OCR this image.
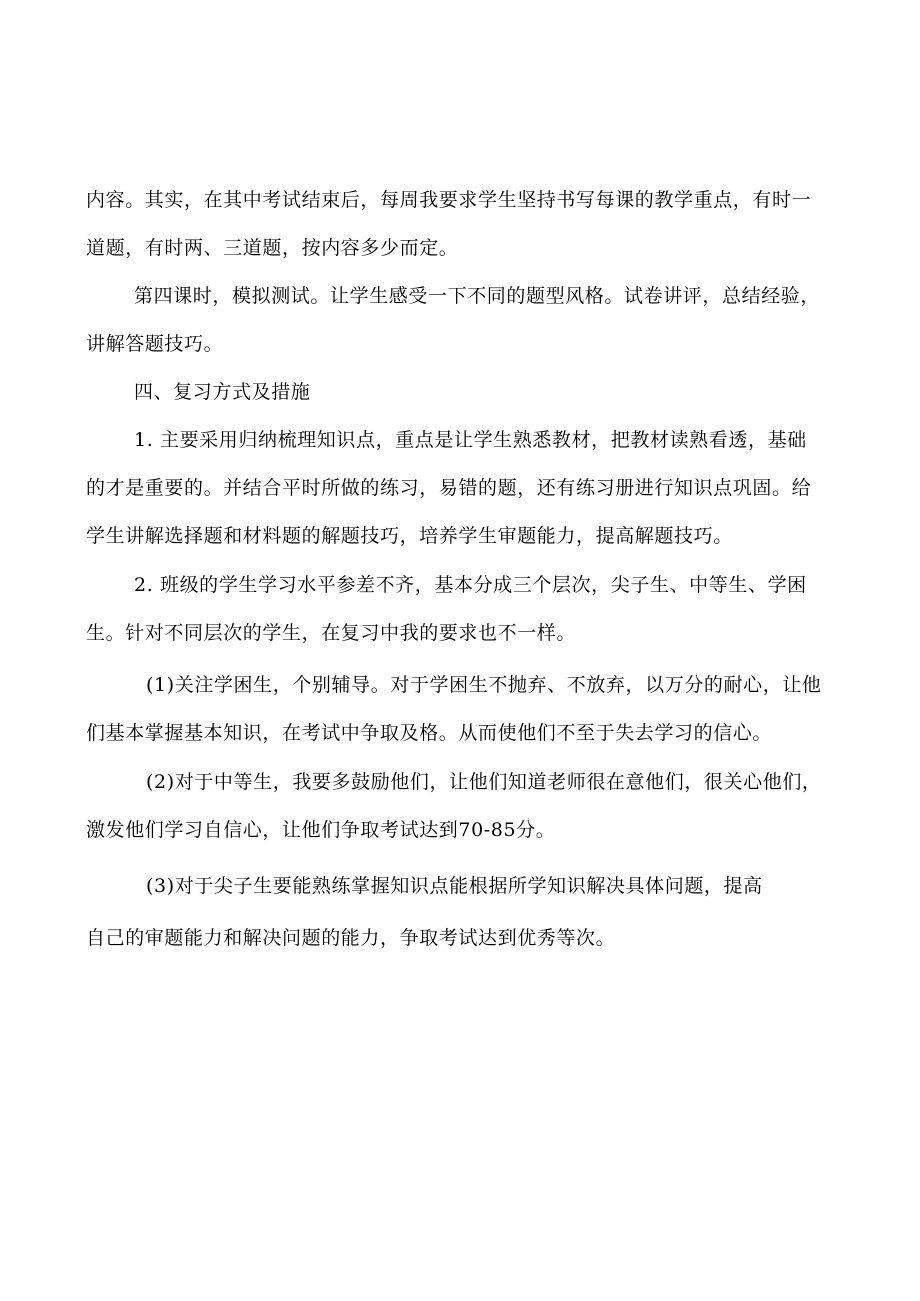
内容。其实，在其中考试结束后，每周我要求学生坚持书写每课的教学重点，有时一
道题，有时两、三道题，按内容多少而定。
第四课时，模拟测试。让学生感受一下不同的题型风格。试卷讲评，总结经验，
讲解答题技巧。
四、复习方式及措施
1. 主要采用归纳梳理知识点，重点是让学生熟悉教材，把教材读熟看透，基础
的才是重要的。并结合平时所做的练习，易错的题，还有练习册进行知识点巩固。给
学生讲解选择题和材料题的解题技巧，培养学生审题能力，提高解题技巧。
2. 班级的学生学习水平参差不齐，基本分成三个层次，尖子生、中等生、学困
生。针对不同层次的学生，在复习中我的要求也不一样。
(1)关注学困生，个别辅导。对于学困生不抛弃、不放弃，以万分的耐心，让他
们基本掌握基本知识，在考试中争取及格。从而使他们不至于失去学习的信心。
(2)对于中等生，我要多鼓励他们，让他们知道老师很在意他们，很关心他们，
激发他们学习自信心，让他们争取考试达到70-85分。
(3)对于尖子生要能熟练掌握知识点能根据所学知识解决具体问题，提高
自己的审题能力和解决问题的能力，争取考试达到优秀等次。
